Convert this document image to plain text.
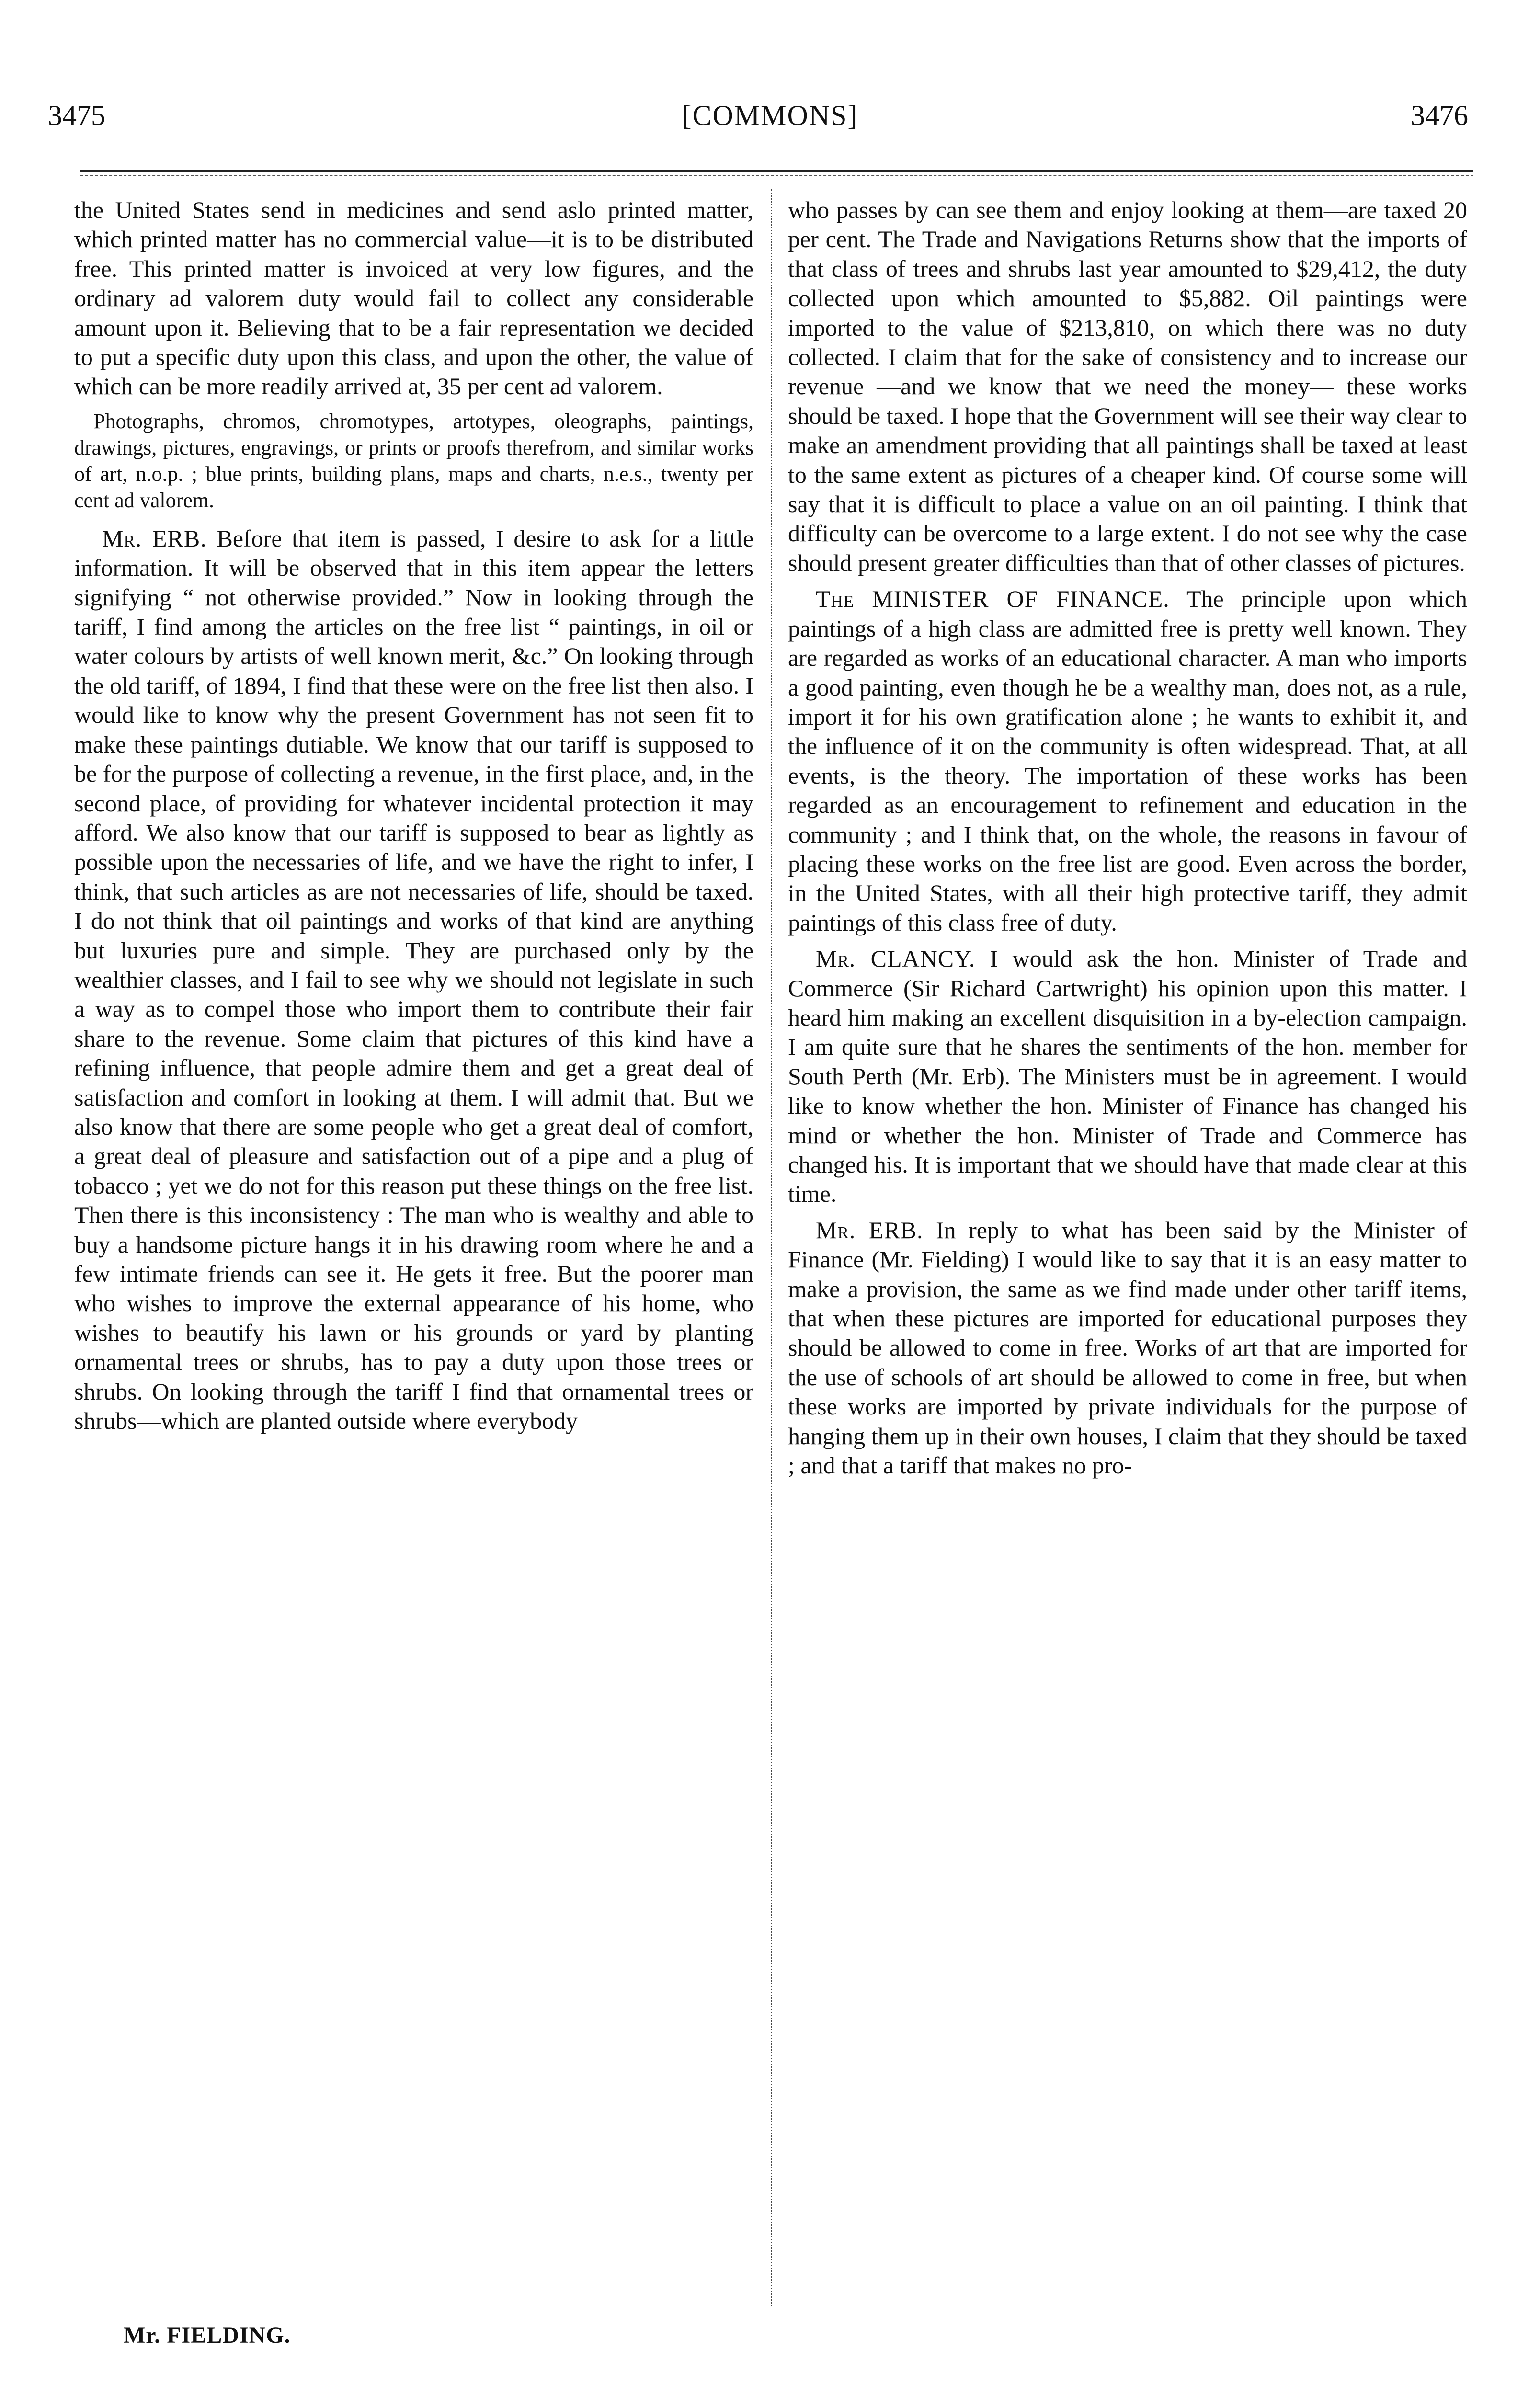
3475	[COMMONS]	3476

the United States send in medicines and send aslo printed matter, which printed matter has no commercial value—it is to be distributed free. This printed matter is invoiced at very low figures, and the ordinary ad valorem duty would fail to collect any considerable amount upon it. Believing that to be a fair representation we decided to put a specific duty upon this class, and upon the other, the value of which can be more readily arrived at, 35 per cent ad valorem.

Photographs, chromos, chromotypes, artotypes, oleographs, paintings, drawings, pictures, engravings, or prints or proofs therefrom, and similar works of art, n.o.p. ; blue prints, building plans, maps and charts, n.e.s., twenty per cent ad valorem.

Mr. ERB. Before that item is passed, I desire to ask for a little information. It will be observed that in this item appear the letters signifying “ not otherwise provided.” Now in looking through the tariff, I find among the articles on the free list “ paintings, in oil or water colours by artists of well known merit, &c.” On looking through the old tariff, of 1894, I find that these were on the free list then also. I would like to know why the present Government has not seen fit to make these paintings dutiable. We know that our tariff is supposed to be for the purpose of collecting a revenue, in the first place, and, in the second place, of providing for whatever incidental protection it may afford. We also know that our tariff is supposed to bear as lightly as possible upon the necessaries of life, and we have the right to infer, I think, that such articles as are not necessaries of life, should be taxed. I do not think that oil paintings and works of that kind are anything but luxuries pure and simple. They are purchased only by the wealthier classes, and I fail to see why we should not legislate in such a way as to compel those who import them to contribute their fair share to the revenue. Some claim that pictures of this kind have a refining influence, that people admire them and get a great deal of satisfaction and comfort in looking at them. I will admit that. But we also know that there are some people who get a great deal of comfort, a great deal of pleasure and satisfaction out of a pipe and a plug of tobacco ; yet we do not for this reason put these things on the free list. Then there is this inconsistency : The man who is wealthy and able to buy a handsome picture hangs it in his drawing room where he and a few intimate friends can see it. He gets it free. But the poorer man who wishes to improve the external appearance of his home, who wishes to beautify his lawn or his grounds or yard by planting ornamental trees or shrubs, has to pay a duty upon those trees or shrubs. On looking through the tariff I find that ornamental trees or shrubs—which are planted outside where everybody

who passes by can see them and enjoy looking at them—are taxed 20 per cent. The Trade and Navigations Returns show that the imports of that class of trees and shrubs last year amounted to $29,412, the duty collected upon which amounted to $5,882. Oil paintings were imported to the value of $213,810, on which there was no duty collected. I claim that for the sake of consistency and to increase our revenue —and we know that we need the money— these works should be taxed. I hope that the Government will see their way clear to make an amendment providing that all paintings shall be taxed at least to the same extent as pictures of a cheaper kind. Of course some will say that it is difficult to place a value on an oil painting. I think that difficulty can be overcome to a large extent. I do not see why the case should present greater difficulties than that of other classes of pictures.

The MINISTER OF FINANCE. The principle upon which paintings of a high class are admitted free is pretty well known. They are regarded as works of an educational character. A man who imports a good painting, even though he be a wealthy man, does not, as a rule, import it for his own gratification alone ; he wants to exhibit it, and the influence of it on the community is often widespread. That, at all events, is the theory. The importation of these works has been regarded as an encouragement to refinement and education in the community ; and I think that, on the whole, the reasons in favour of placing these works on the free list are good. Even across the border, in the United States, with all their high protective tariff, they admit paintings of this class free of duty.

Mr. CLANCY. I would ask the hon. Minister of Trade and Commerce (Sir Richard Cartwright) his opinion upon this matter. I heard him making an excellent disquisition in a by-election campaign. I am quite sure that he shares the sentiments of the hon. member for South Perth (Mr. Erb). The Ministers must be in agreement. I would like to know whether the hon. Minister of Finance has changed his mind or whether the hon. Minister of Trade and Commerce has changed his. It is important that we should have that made clear at this time.

Mr. ERB. In reply to what has been said by the Minister of Finance (Mr. Fielding) I would like to say that it is an easy matter to make a provision, the same as we find made under other tariff items, that when these pictures are imported for educational purposes they should be allowed to come in free. Works of art that are imported for the use of schools of art should be allowed to come in free, but when these works are imported by private individuals for the purpose of hanging them up in their own houses, I claim that they should be taxed ; and that a tariff that makes no pro-

Mr. FIELDING.
